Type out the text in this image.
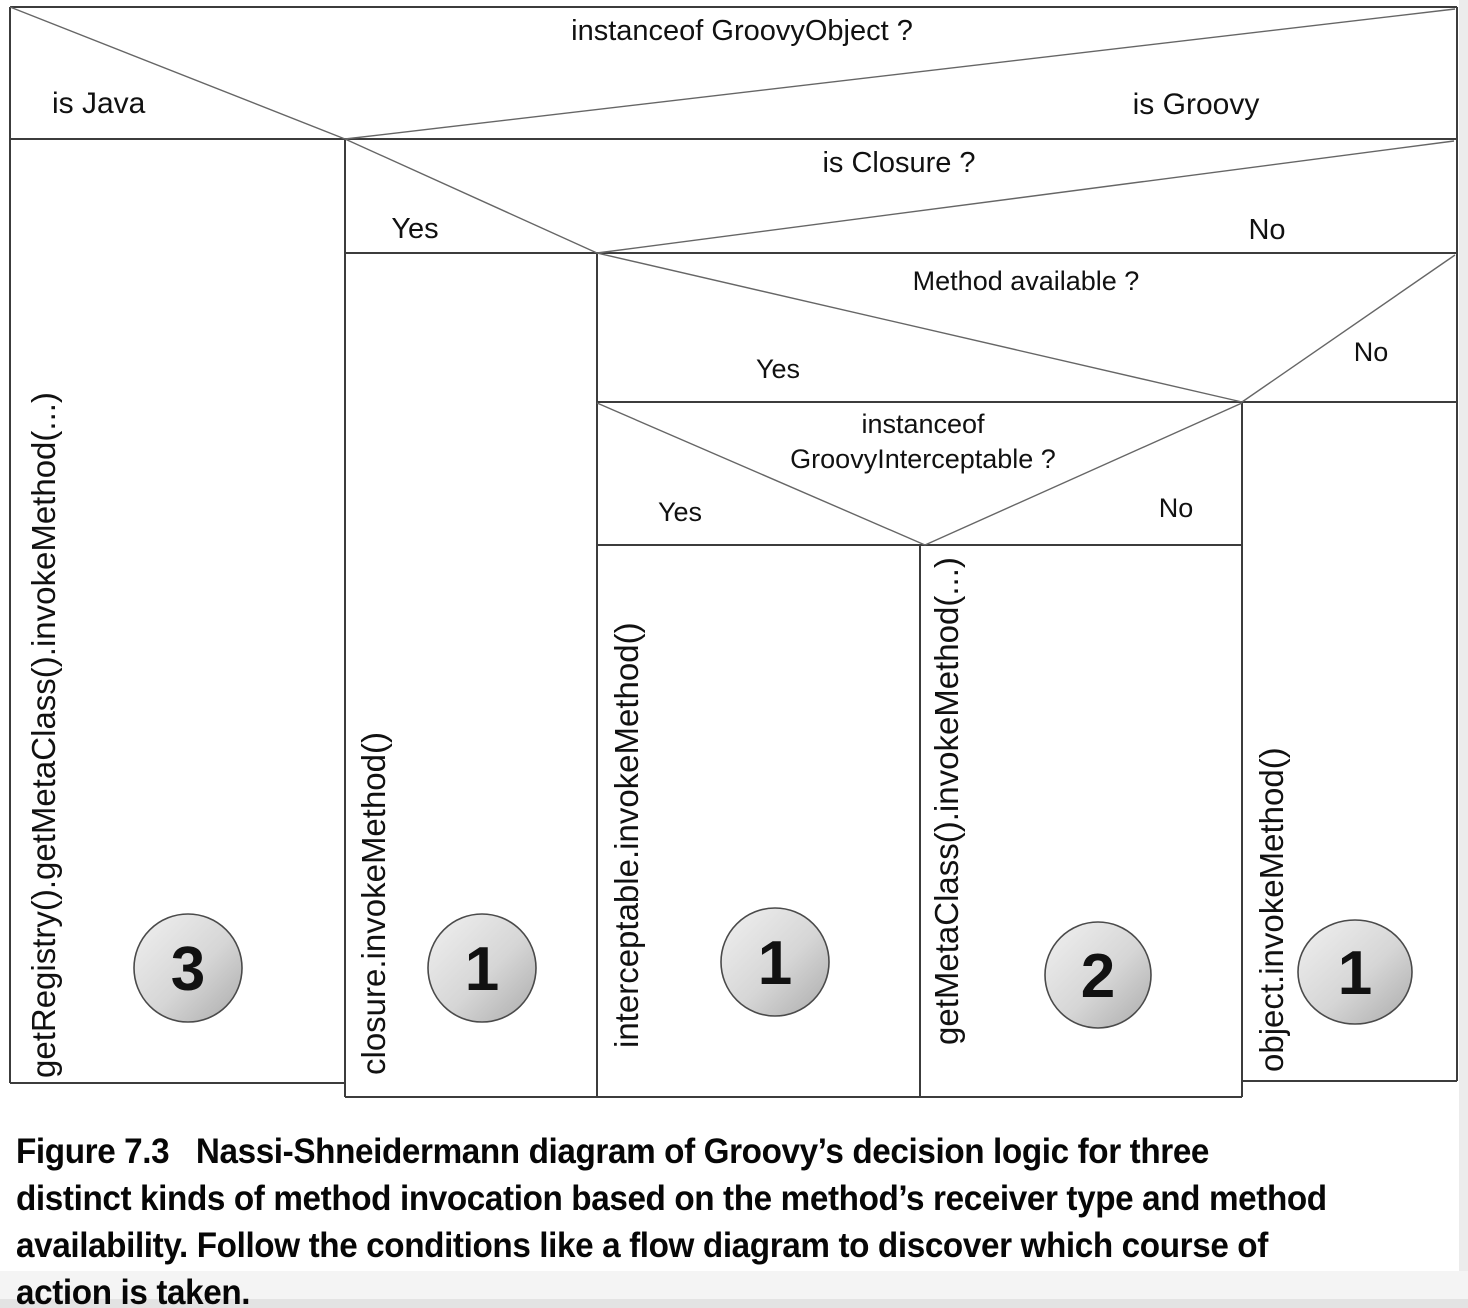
instanceof GroovyObject ?
is Java	is Groovy
is Closure ?
Yes	No
Method available ?
Yes
No
instanceof
GroovyInterceptable ?
Yes	No
getRegistry().getMetaClass().invokeMethod(...)	closure.invokeMethod()	interceptable.invokeMethod()	getMetaClass().invokeMethod(...)	object.invokeMethod()
3	1	1	2	1
Figure 7.3   Nassi-Shneidermann diagram of Groovy’s decision logic for three
distinct kinds of method invocation based on the method’s receiver type and method
availability. Follow the conditions like a flow diagram to discover which course of
action is taken.
